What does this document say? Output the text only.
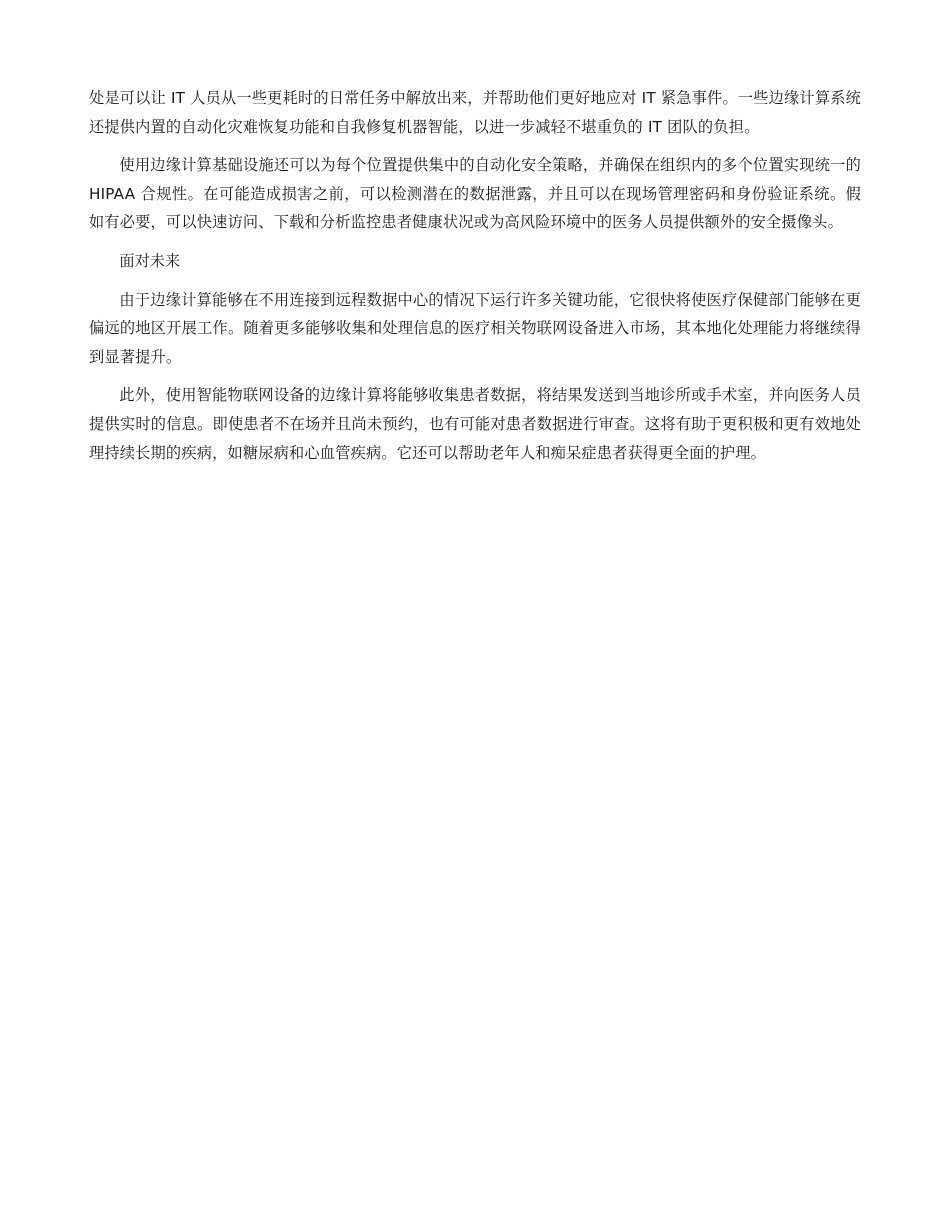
处是可以让 IT 人员从一些更耗时的日常任务中解放出来，并帮助他们更好地应对 IT 紧急事件。一些边缘计算系统还提供内置的自动化灾难恢复功能和自我修复机器智能，以进一步减轻不堪重负的 IT 团队的负担。

使用边缘计算基础设施还可以为每个位置提供集中的自动化安全策略，并确保在组织内的多个位置实现统一的 HIPAA 合规性。在可能造成损害之前，可以检测潜在的数据泄露，并且可以在现场管理密码和身份验证系统。假如有必要，可以快速访问、下载和分析监控患者健康状况或为高风险环境中的医务人员提供额外的安全摄像头。

面对未来

由于边缘计算能够在不用连接到远程数据中心的情况下运行许多关键功能，它很快将使医疗保健部门能够在更偏远的地区开展工作。随着更多能够收集和处理信息的医疗相关物联网设备进入市场，其本地化处理能力将继续得到显著提升。

此外，使用智能物联网设备的边缘计算将能够收集患者数据，将结果发送到当地诊所或手术室，并向医务人员提供实时的信息。即使患者不在场并且尚未预约，也有可能对患者数据进行审查。这将有助于更积极和更有效地处理持续长期的疾病，如糖尿病和心血管疾病。它还可以帮助老年人和痴呆症患者获得更全面的护理。
